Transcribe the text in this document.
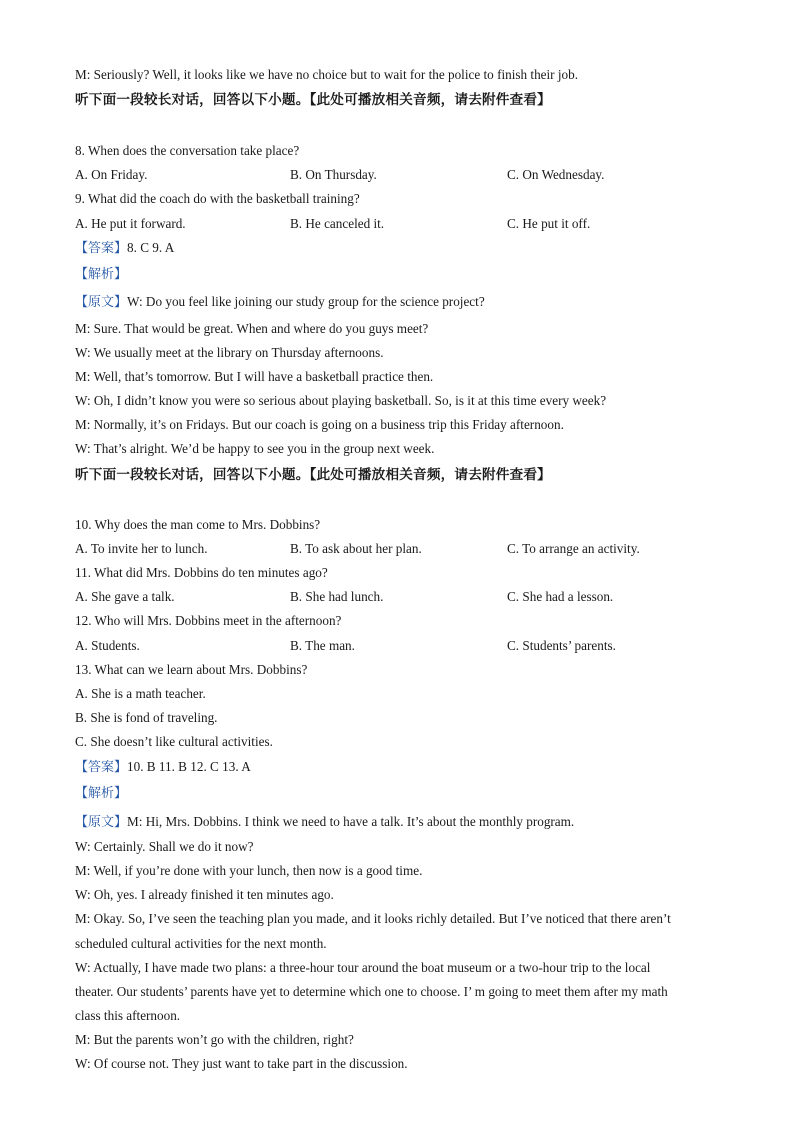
M: Seriously? Well, it looks like we have no choice but to wait for the police to finish their job.
听下面一段较长对话，回答以下小题。【此处可播放相关音频，请去附件查看】
8. When does the conversation take place?
A. On Friday.	B. On Thursday.	C. On Wednesday.
9. What did the coach do with the basketball training?
A. He put it forward.	B. He canceled it.	C. He put it off.
【答案】8. C 9. A
【解析】
【原文】W: Do you feel like joining our study group for the science project?
M: Sure. That would be great. When and where do you guys meet?
W: We usually meet at the library on Thursday afternoons.
M: Well, that’s tomorrow. But I will have a basketball practice then.
W: Oh, I didn’t know you were so serious about playing basketball. So, is it at this time every week?
M: Normally, it’s on Fridays. But our coach is going on a business trip this Friday afternoon.
W: That’s alright. We’d be happy to see you in the group next week.
听下面一段较长对话，回答以下小题。【此处可播放相关音频，请去附件查看】
10. Why does the man come to Mrs. Dobbins?
A. To invite her to lunch.	B. To ask about her plan.	C. To arrange an activity.
11. What did Mrs. Dobbins do ten minutes ago?
A. She gave a talk.	B. She had lunch.	C. She had a lesson.
12. Who will Mrs. Dobbins meet in the afternoon?
A. Students.	B. The man.	C. Students’ parents.
13. What can we learn about Mrs. Dobbins?
A. She is a math teacher.
B. She is fond of traveling.
C. She doesn’t like cultural activities.
【答案】10. B 11. B 12. C 13. A
【解析】
【原文】M: Hi, Mrs. Dobbins. I think we need to have a talk. It’s about the monthly program.
W: Certainly. Shall we do it now?
M: Well, if you’re done with your lunch, then now is a good time.
W: Oh, yes. I already finished it ten minutes ago.
M: Okay. So, I’ve seen the teaching plan you made, and it looks richly detailed. But I’ve noticed that there aren’t
scheduled cultural activities for the next month.
W: Actually, I have made two plans: a three-hour tour around the boat museum or a two-hour trip to the local
theater. Our students’ parents have yet to determine which one to choose. I’ m going to meet them after my math
class this afternoon.
M: But the parents won’t go with the children, right?
W: Of course not. They just want to take part in the discussion.
